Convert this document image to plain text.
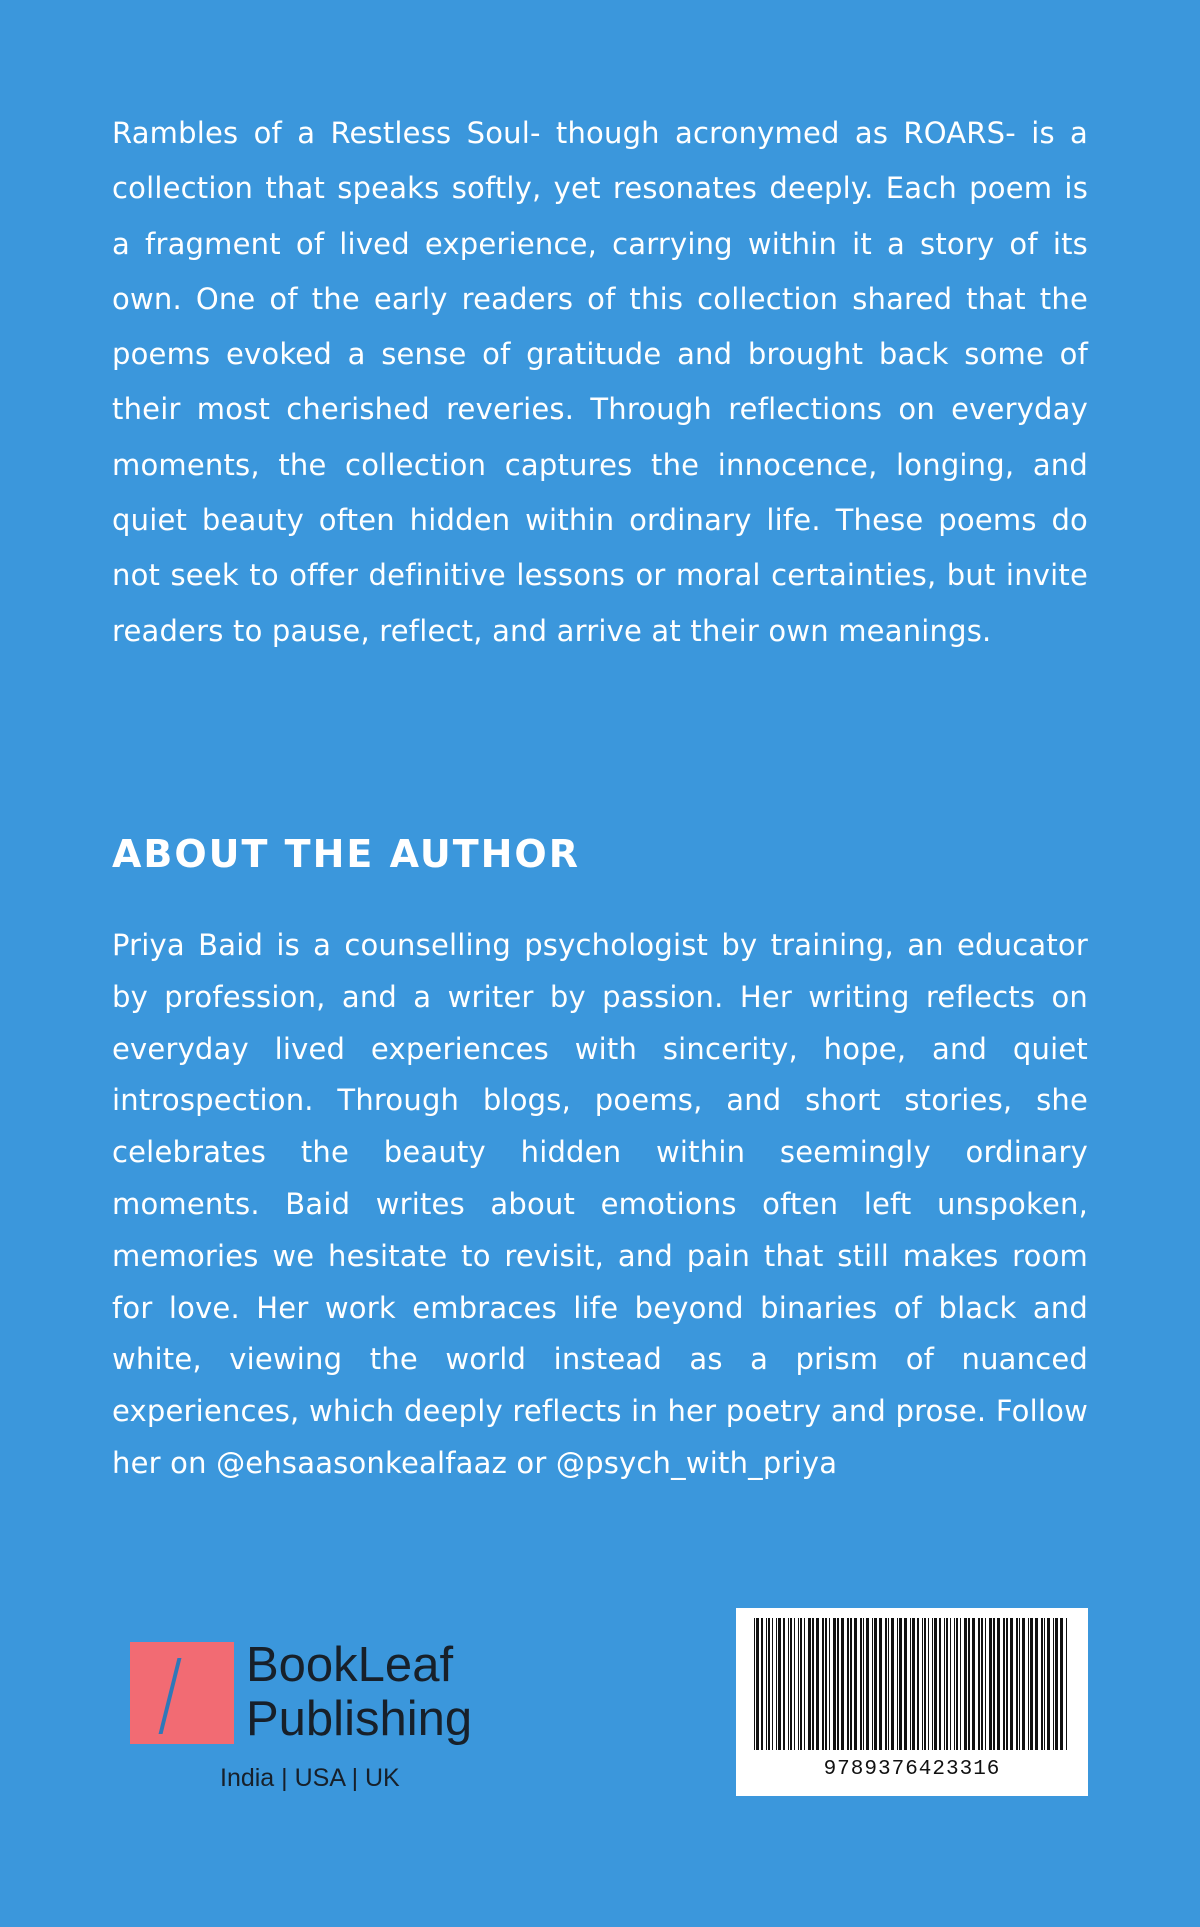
Rambles of a Restless Soul- though acronymed as ROARS- is a collection that speaks softly, yet resonates deeply. Each poem is a fragment of lived experience, carrying within it a story of its own. One of the early readers of this collection shared that the poems evoked a sense of gratitude and brought back some of their most cherished reveries. Through reflections on everyday moments, the collection captures the innocence, longing, and quiet beauty often hidden within ordinary life. These poems do not seek to offer definitive lessons or moral certainties, but invite readers to pause, reflect, and arrive at their own meanings.
ABOUT THE AUTHOR
Priya Baid is a counselling psychologist by training, an educator by profession, and a writer by passion. Her writing reflects on everyday lived experiences with sincerity, hope, and quiet introspection. Through blogs, poems, and short stories, she celebrates the beauty hidden within seemingly ordinary moments. Baid writes about emotions often left unspoken, memories we hesitate to revisit, and pain that still makes room for love. Her work embraces life beyond binaries of black and white, viewing the world instead as a prism of nuanced experiences, which deeply reflects in her poetry and prose. Follow her on @ehsaasonkealfaaz or @psych_with_priya
BookLeaf
Publishing
India | USA | UK	9789376423316
